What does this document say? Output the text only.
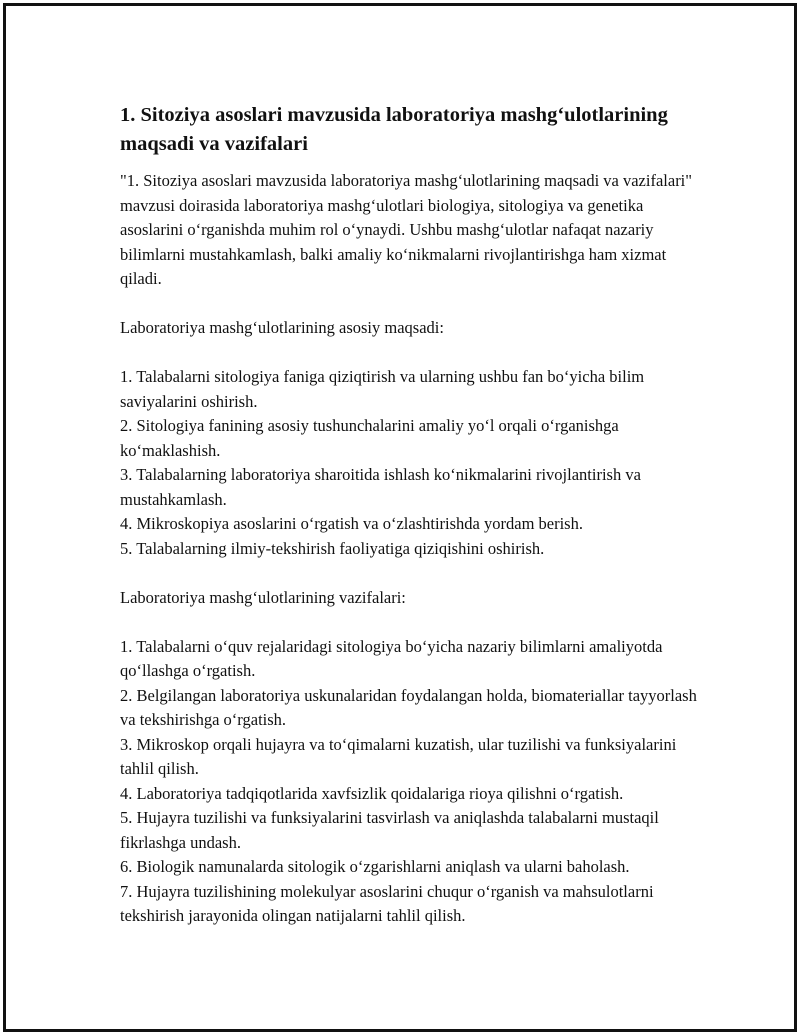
1. Sitoziya asoslari mavzusida laboratoriya mashg‘ulotlarining maqsadi va vazifalari

"1. Sitoziya asoslari mavzusida laboratoriya mashg‘ulotlarining maqsadi va vazifalari" mavzusi doirasida laboratoriya mashg‘ulotlari biologiya, sitologiya va genetika asoslarini o‘rganishda muhim rol o‘ynaydi. Ushbu mashg‘ulotlar nafaqat nazariy bilimlarni mustahkamlash, balki amaliy ko‘nikmalarni rivojlantirishga ham xizmat qiladi.

Laboratoriya mashg‘ulotlarining asosiy maqsadi:

1. Talabalarni sitologiya faniga qiziqtirish va ularning ushbu fan bo‘yicha bilim saviyalarini oshirish.
2. Sitologiya fanining asosiy tushunchalarini amaliy yo‘l orqali o‘rganishga ko‘maklashish.
3. Talabalarning laboratoriya sharoitida ishlash ko‘nikmalarini rivojlantirish va mustahkamlash.
4. Mikroskopiya asoslarini o‘rgatish va o‘zlashtirishda yordam berish.
5. Talabalarning ilmiy-tekshirish faoliyatiga qiziqishini oshirish.

Laboratoriya mashg‘ulotlarining vazifalari:

1. Talabalarni o‘quv rejalaridagi sitologiya bo‘yicha nazariy bilimlarni amaliyotda qo‘llashga o‘rgatish.
2. Belgilangan laboratoriya uskunalaridan foydalangan holda, biomateriallar tayyorlash va tekshirishga o‘rgatish.
3. Mikroskop orqali hujayra va to‘qimalarni kuzatish, ular tuzilishi va funksiyalarini tahlil qilish.
4. Laboratoriya tadqiqotlarida xavfsizlik qoidalariga rioya qilishni o‘rgatish.
5. Hujayra tuzilishi va funksiyalarini tasvirlash va aniqlashda talabalarni mustaqil fikrlashga undash.
6. Biologik namunalarda sitologik o‘zgarishlarni aniqlash va ularni baholash.
7. Hujayra tuzilishining molekulyar asoslarini chuqur o‘rganish va mahsulotlarni tekshirish jarayonida olingan natijalarni tahlil qilish.
